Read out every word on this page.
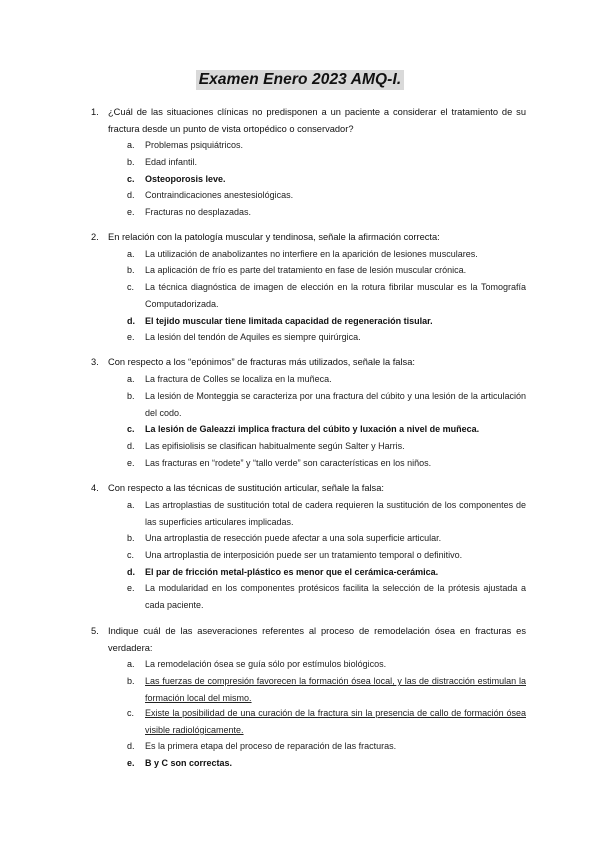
Examen Enero 2023 AMQ-I.
1. ¿Cuál de las situaciones clínicas no predisponen a un paciente a considerar el tratamiento de su fractura desde un punto de vista ortopédico o conservador?
a. Problemas psiquiátricos.
b. Edad infantil.
c. Osteoporosis leve.
d. Contraindicaciones anestesiológicas.
e. Fracturas no desplazadas.
2. En relación con la patología muscular y tendinosa, señale la afirmación correcta:
a. La utilización de anabolizantes no interfiere en la aparición de lesiones musculares.
b. La aplicación de frío es parte del tratamiento en fase de lesión muscular crónica.
c. La técnica diagnóstica de imagen de elección en la rotura fibrilar muscular es la Tomografía Computadorizada.
d. El tejido muscular tiene limitada capacidad de regeneración tisular.
e. La lesión del tendón de Aquiles es siempre quirúrgica.
3. Con respecto a los “epónimos” de fracturas más utilizados, señale la falsa:
a. La fractura de Colles se localiza en la muñeca.
b. La lesión de Monteggia se caracteriza por una fractura del cúbito y una lesión de la articulación del codo.
c. La lesión de Galeazzi implica fractura del cúbito y luxación a nivel de muñeca.
d. Las epifisiolisis se clasifican habitualmente según Salter y Harris.
e. Las fracturas en “rodete” y “tallo verde” son características en los niños.
4. Con respecto a las técnicas de sustitución articular, señale la falsa:
a. Las artroplastias de sustitución total de cadera requieren la sustitución de los componentes de las superficies articulares implicadas.
b. Una artroplastia de resección puede afectar a una sola superficie articular.
c. Una artroplastia de interposición puede ser un tratamiento temporal o definitivo.
d. El par de fricción metal-plástico es menor que el cerámica-cerámica.
e. La modularidad en los componentes protésicos facilita la selección de la prótesis ajustada a cada paciente.
5. Indique cuál de las aseveraciones referentes al proceso de remodelación ósea en fracturas es verdadera:
a. La remodelación ósea se guía sólo por estímulos biológicos.
b. Las fuerzas de compresión favorecen la formación ósea local, y las de distracción estimulan la formación local del mismo.
c. Existe la posibilidad de una curación de la fractura sin la presencia de callo de formación ósea visible radiológicamente.
d. Es la primera etapa del proceso de reparación de las fracturas.
e. B y C son correctas.
